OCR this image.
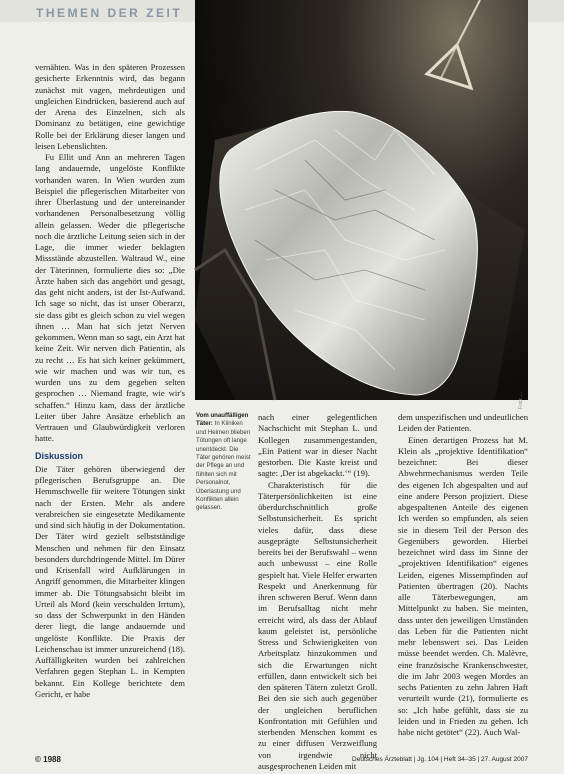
THEMEN DER ZEIT
Foto: ...

vernähten. Was in den späteren Prozessen gesicherte Erkenntnis wird, das begann zunächst mit vagen, mehrdeutigen und ungleichen Eindrücken, basierend auch auf der Arena des Einzelnen, sich als Dominanz zu betätigen, eine gewichtige Rolle bei der Erklärung dieser langen und leisen Lebenslichten.

Fu Ellit und Ann an mehreren Tagen lang andauernde, ungelöste Konflikte vorhanden waren. In Wien wurden zum Beispiel die pflegerischen Mitarbeiter von ihrer Überlastung und der untereinander vorhandenen Personalbesetzung völlig allein gelassen. Weder die pflegerische noch die ärztliche Leitung seien sich in der Lage, die immer wieder beklagten Missstände abzustellen. Waltraud W., eine der Täterinnen, formulierte dies so: „Die Ärzte haben sich das angehört und gesagt, das geht nicht anders, ist der Ist-Aufwand. Ich sage so nicht, das ist unser Oberarzt, sie dass gibt es gleich schon zu viel wegen ihnen … Man hat sich jetzt Nerven gekommen. Wenn man so sagt, ein Arzt hat keine Zeit. Wir nerven dich Patientin, als zu recht … Es hat sich keiner gekümmert, wie wir machen und was wir tun, es wurden uns zu dem gegeben selten gesprochen … Niemand fragte, wie wir's schaffen.“ Hinzu kam, dass der ärztliche Leiter über Jahre Ansätze erheblich an Vertrauen und Glaubwürdigkeit verloren hatte.

Diskussion

Die Täter gehören überwiegend der pflegerischen Berufsgruppe an. Die Hemmschwelle für weitere Tötungen sinkt nach der Ersten. Mehr als andere verabreichen sie eingesetzte Medikamente und sind sich häufig in der Dokumentation. Der Täter wird gezielt selbstständige Menschen und nehmen für den Einsatz besonders durchdringende Mittel. Im Dürer und Krisenfall wird Aufklärungen in Angriff genommen, die Mitarbeiter klingen immer ab. Die Tötungsabsicht bleibt im Urteil als Mord (kein verschulden Irrtum), so dass der Schwerpunkt in den Händen derer liegt, die lange andauernde und ungelöste Konflikte. Die Praxis der Leichenschau ist immer unzureichend (18). Auffälligkeiten wurden bei zahlreichen Verfahren gegen Stephan L. in Kempten bekannt. Ein Kollege berichtete dem Gericht, er habe

Vom unauffälligen Täter: In Kliniken und Heimen blieben Tötungen oft lange unentdeckt. Die Täter gehören meist der Pflege an und fühlten sich mit Personalnot, Überlastung und Konflikten allein gelassen.

nach einer gelegentlichen Nachschicht mit Stephan L. und Kollegen zusammengestanden, „Ein Patient war in dieser Nacht gestorben. Die Kaste kreist und sagte: ,Der ist abgekackt.‘“ (19).

Charakteristisch für die Täterpersönlichkeiten ist eine überdurchschnittlich große Selbstunsicherheit. Es spricht vieles dafür, dass diese ausgeprägte Selbstunsicherheit bereits bei der Berufswahl – wenn auch unbewusst – eine Rolle gespielt hat. Viele Helfer erwarten Respekt und Anerkennung für ihren schweren Beruf. Wenn dann im Berufsalltag nicht mehr erreicht wird, als dass der Ablauf kaum geleistet ist, persönliche Stress und Schwierigkeiten von Arbeitsplatz hinzukommen und sich die Erwartungen nicht erfüllen, dann entwickelt sich bei den späteren Tätern zuletzt Groll. Bei den sie sich auch gegenüber der ungleichen beruflichen Konfrontation mit Gefühlen und sterbenden Menschen kommt es zu einer diffusen Verzweiflung von irgendwie nicht ausgesprochenen Leiden mit

dem unspezifischen und undeutlichen Leiden der Patienten.

Einen derartigen Prozess hat M. Klein als „projektive Identifikation“ bezeichnet: Bei dieser Abwehrmechanismus werden Teile des eigenen Ich abgespalten und auf eine andere Person projiziert. Diese abgespaltenen Anteile des eigenen Ich werden so empfunden, als seien sie in diesem Teil der Person des Gegenübers geworden. Hierbei bezeichnet wird dass im Sinne der „projektiven Identifikation“ eigenes Leiden, eigenes Missempfinden auf Patienten übertragen (20). Nachts alle Täterbewegungen, am Mittelpunkt zu haben. Sie meinten, dass unter den jeweiligen Umständen das Leben für die Patienten nicht mehr lebenswert sei. Das Leiden müsse beendet werden. Ch. Malèvre, eine französische Krankenschwester, die im Jahr 2003 wegen Mordes an sechs Patienten zu zehn Jahren Haft verurteilt wurde (21), formulierte es so: „Ich habe gefühlt, dass sie zu leiden und in Frieden zu gehen. Ich habe nicht getötet“ (22). Auch Wal-

© 1988	Deutsches Ärzteblatt | Jg. 104 | Heft 34–35 | 27. August 2007
